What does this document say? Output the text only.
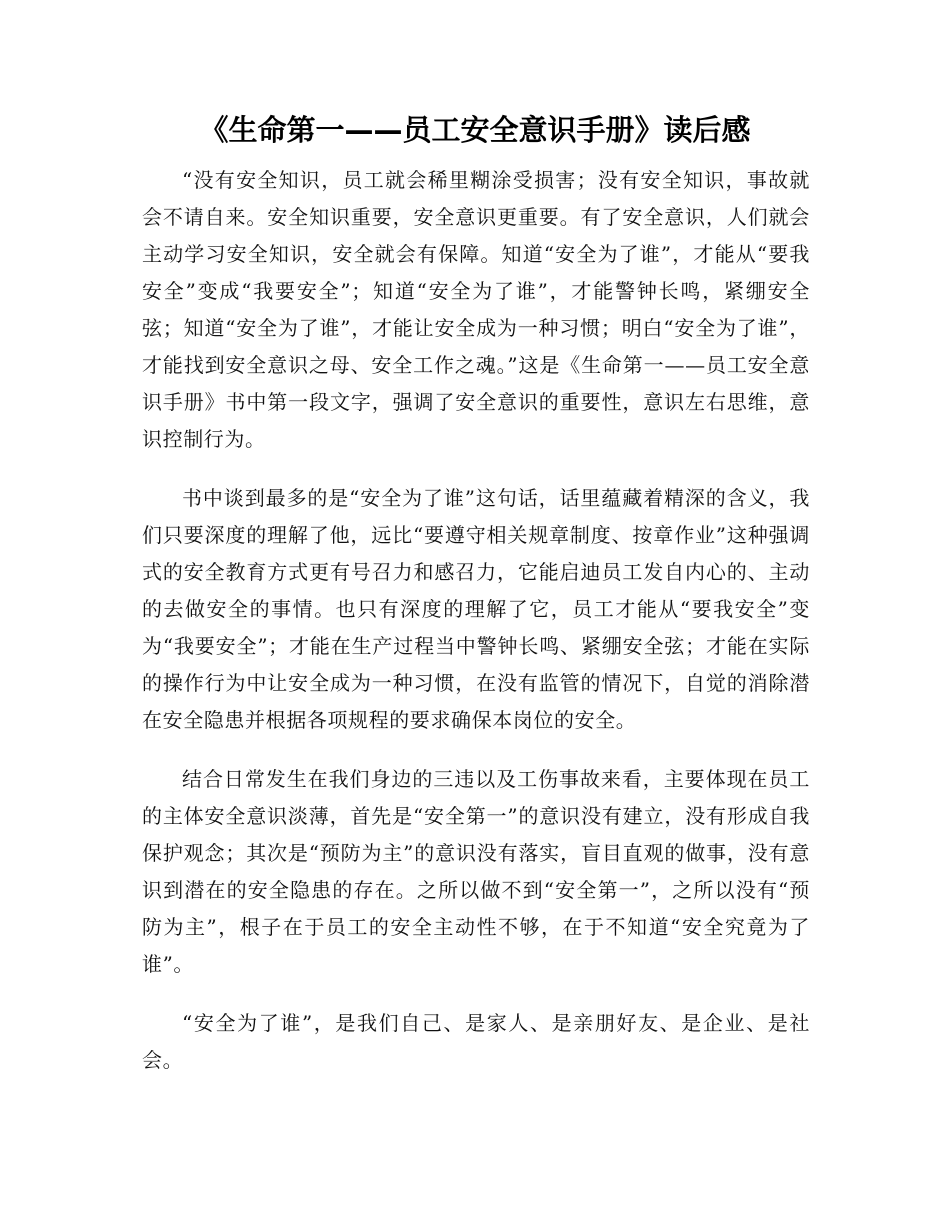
《生命第一——员工安全意识手册》读后感

“没有安全知识，员工就会稀里糊涂受损害；没有安全知识，事故就会不请自来。安全知识重要，安全意识更重要。有了安全意识，人们就会主动学习安全知识，安全就会有保障。知道“安全为了谁”，才能从“要我安全”变成“我要安全”；知道“安全为了谁”，才能警钟长鸣，紧绷安全弦；知道“安全为了谁”，才能让安全成为一种习惯；明白“安全为了谁”，才能找到安全意识之母、安全工作之魂。”这是《生命第一——员工安全意识手册》书中第一段文字，强调了安全意识的重要性，意识左右思维，意识控制行为。

书中谈到最多的是“安全为了谁”这句话，话里蕴藏着精深的含义，我们只要深度的理解了他，远比“要遵守相关规章制度、按章作业”这种强调式的安全教育方式更有号召力和感召力，它能启迪员工发自内心的、主动的去做安全的事情。也只有深度的理解了它，员工才能从“要我安全”变为“我要安全”；才能在生产过程当中警钟长鸣、紧绷安全弦；才能在实际的操作行为中让安全成为一种习惯，在没有监管的情况下，自觉的消除潜在安全隐患并根据各项规程的要求确保本岗位的安全。

结合日常发生在我们身边的三违以及工伤事故来看，主要体现在员工的主体安全意识淡薄，首先是“安全第一”的意识没有建立，没有形成自我保护观念；其次是“预防为主”的意识没有落实，盲目直观的做事，没有意识到潜在的安全隐患的存在。之所以做不到“安全第一”，之所以没有“预防为主”，根子在于员工的安全主动性不够，在于不知道“安全究竟为了谁”。

“安全为了谁”，是我们自己、是家人、是亲朋好友、是企业、是社会。
